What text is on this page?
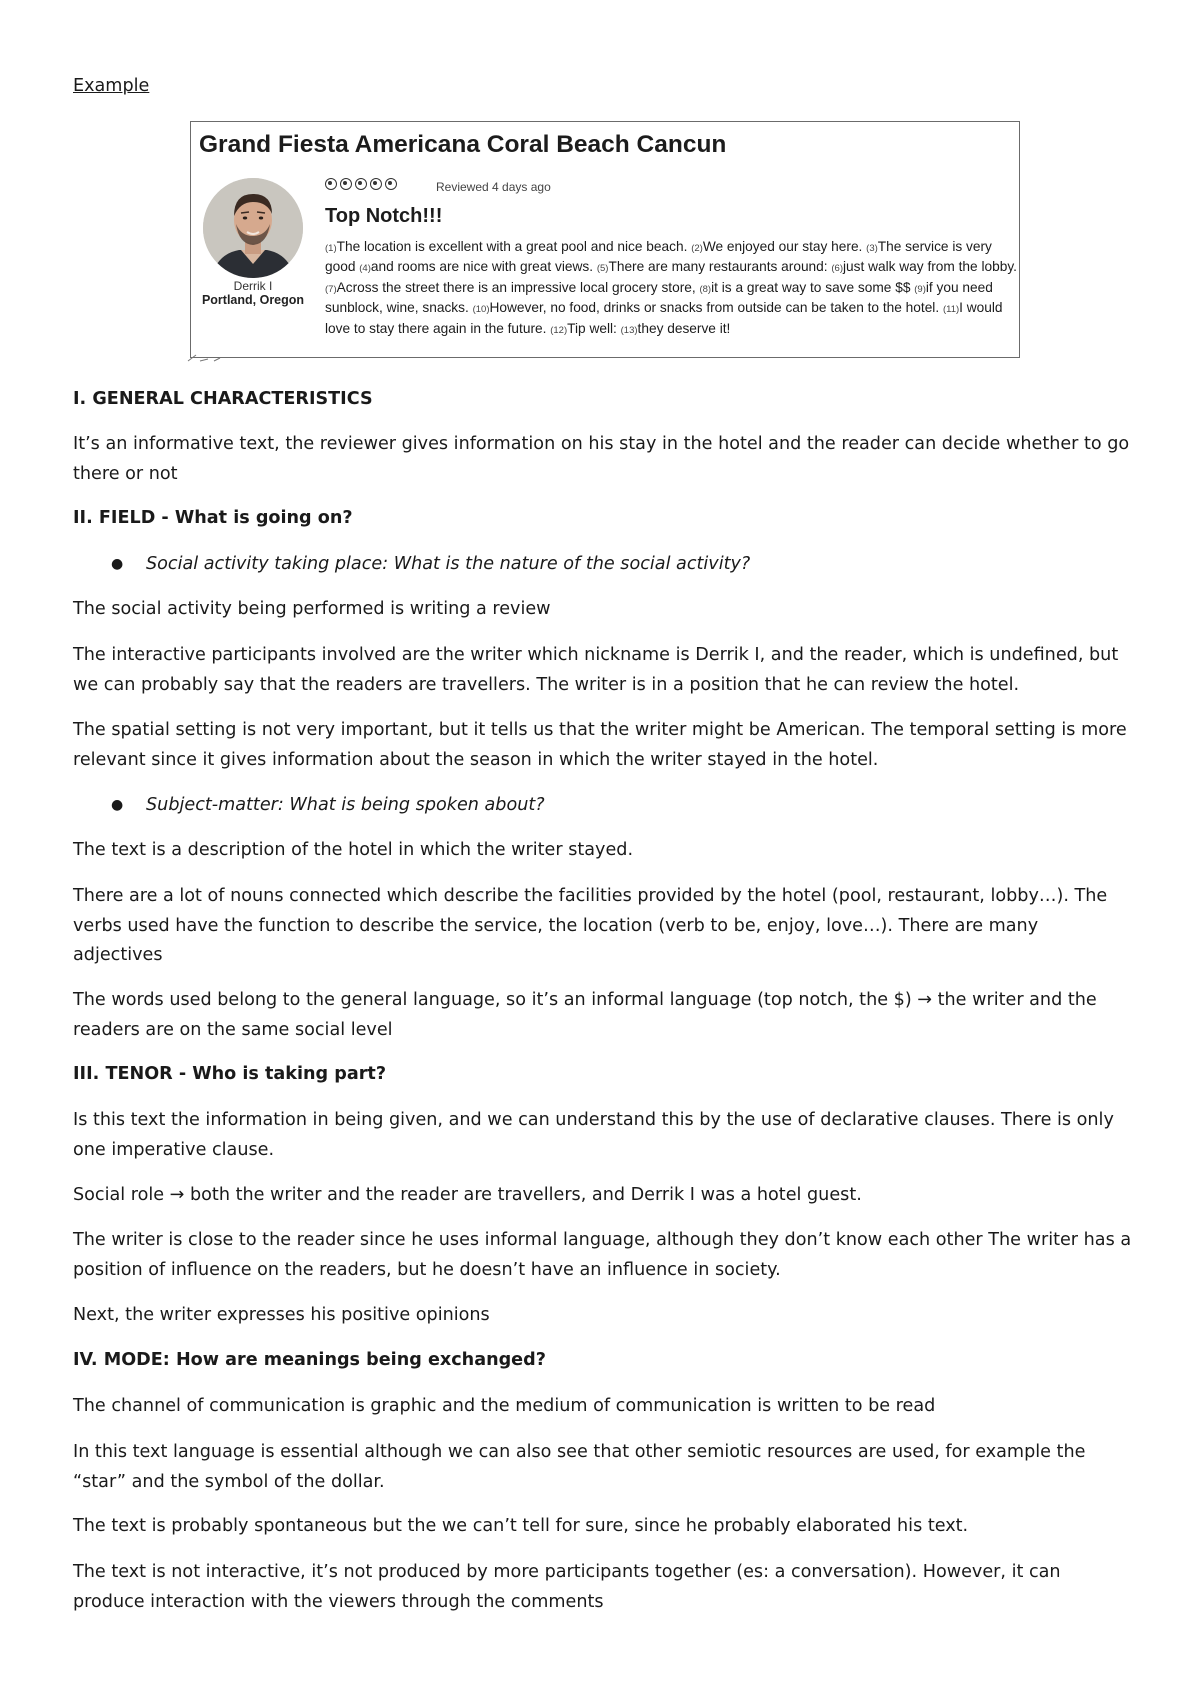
Example

Grand Fiesta Americana Coral Beach Cancun
Derrik I
Portland, Oregon
Reviewed 4 days ago
Top Notch!!!
(1)The location is excellent with a great pool and nice beach. (2)We enjoyed our stay here. (3)The service is very good (4)and rooms are nice with great views. (5)There are many restaurants around: (6)just walk way from the lobby. (7)Across the street there is an impressive local grocery store, (8)it is a great way to save some $$ (9)if you need sunblock, wine, snacks. (10)However, no food, drinks or snacks from outside can be taken to the hotel. (11)I would love to stay there again in the future. (12)Tip well: (13)they deserve it!

I. GENERAL CHARACTERISTICS

It’s an informative text, the reviewer gives information on his stay in the hotel and the reader can decide whether to go there or not

II. FIELD - What is going on?

● Social activity taking place: What is the nature of the social activity?

The social activity being performed is writing a review

The interactive participants involved are the writer which nickname is Derrik I, and the reader, which is undefined, but we can probably say that the readers are travellers. The writer is in a position that he can review the hotel.

The spatial setting is not very important, but it tells us that the writer might be American. The temporal setting is more relevant since it gives information about the season in which the writer stayed in the hotel.

● Subject-matter: What is being spoken about?

The text is a description of the hotel in which the writer stayed.

There are a lot of nouns connected which describe the facilities provided by the hotel (pool, restaurant, lobby…). The verbs used have the function to describe the service, the location (verb to be, enjoy, love…). There are many adjectives

The words used belong to the general language, so it’s an informal language (top notch, the $) → the writer and the readers are on the same social level

III. TENOR - Who is taking part?

Is this text the information in being given, and we can understand this by the use of declarative clauses. There is only one imperative clause.

Social role → both the writer and the reader are travellers, and Derrik I was a hotel guest.

The writer is close to the reader since he uses informal language, although they don’t know each other The writer has a position of influence on the readers, but he doesn’t have an influence in society.

Next, the writer expresses his positive opinions

IV. MODE: How are meanings being exchanged?

The channel of communication is graphic and the medium of communication is written to be read

In this text language is essential although we can also see that other semiotic resources are used, for example the “star” and the symbol of the dollar.

The text is probably spontaneous but the we can’t tell for sure, since he probably elaborated his text.

The text is not interactive, it’s not produced by more participants together (es: a conversation). However, it can produce interaction with the viewers through the comments
